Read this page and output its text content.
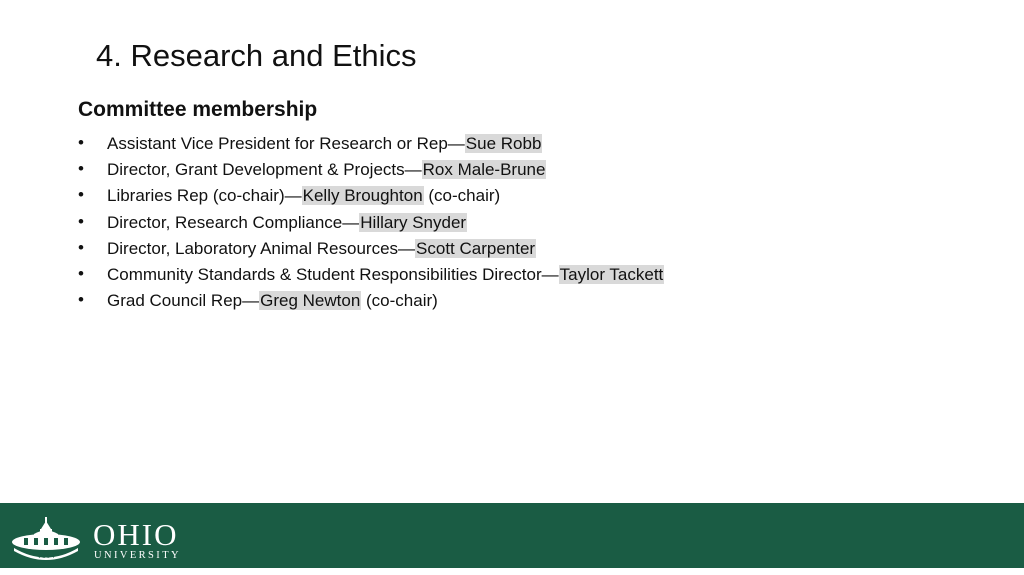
4. Research and Ethics
Committee membership
• Assistant Vice President for Research or Rep—Sue Robb
• Director, Grant Development & Projects—Rox Male-Brune
• Libraries Rep (co-chair)—Kelly Broughton (co-chair)
• Director, Research Compliance—Hillary Snyder
• Director, Laboratory Animal Resources—Scott Carpenter
• Community Standards & Student Responsibilities Director—Taylor Tackett
• Grad Council Rep—Greg Newton (co-chair)
1 8 0 4
OHIO
UNIVERSITY
